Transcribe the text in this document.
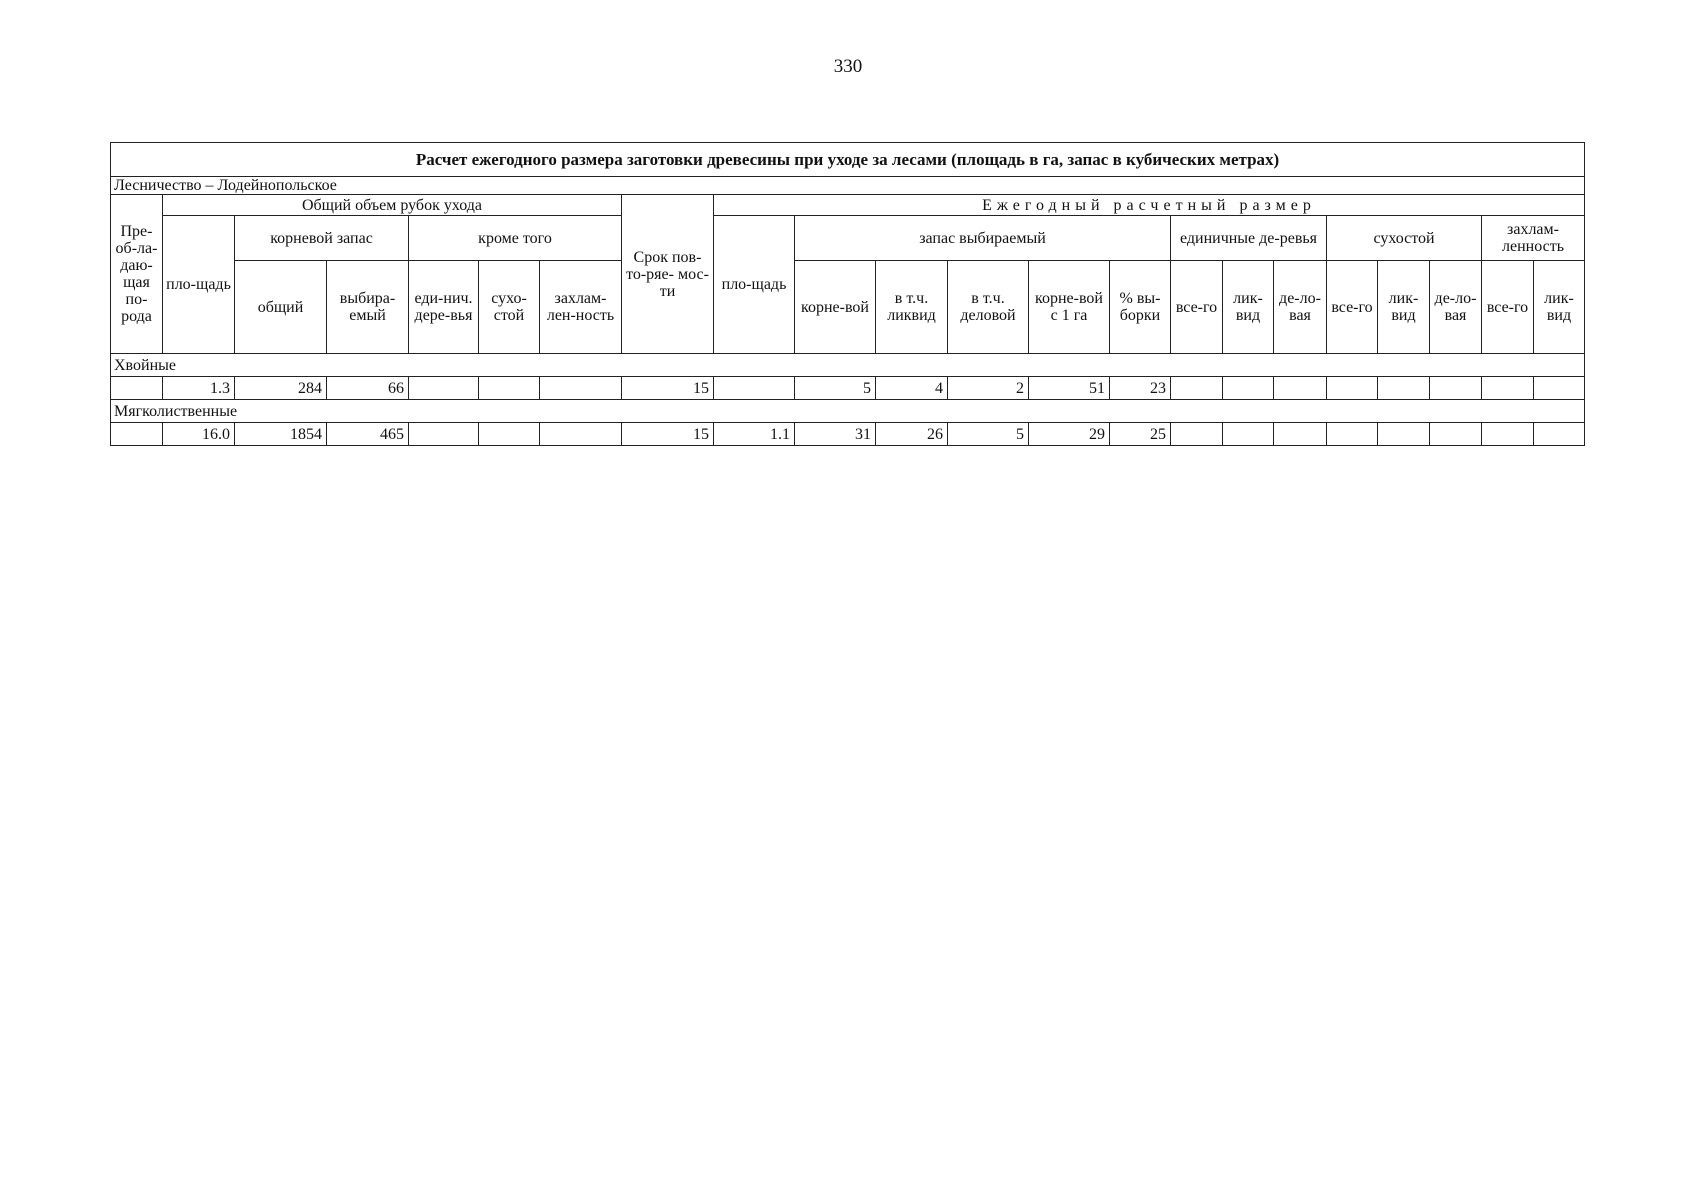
330
Расчет ежегодного размера заготовки древесины при уходе за лесами (площадь в га, запас в кубических метрах)																					
Лесничество – Лодейнопольское																					
Пре-об-ла-даю-щая по-рода	Общий объем рубок ухода						Срок пов- то-ряе- мос-ти	Ежегодный расчетный размер													
	пло-щадь	корневой запас		кроме того				пло-щадь	запас выбираемый					единичные де-ревья			сухостой			захлам-ленность	
		общий	выбира-емый	еди-нич. дере-вья	сухо-стой	захлам-лен-ность			корне-вой	в т.ч. ликвид	в т.ч. деловой	корне-вой с 1 га	% вы-борки	все-го	лик-вид	де-ло-вая	все-го	лик-вид	де-ло-вая	все-го	лик-вид
Хвойные																					
	1.3	284	66				15		5	4	2	51	23								
Мягколиственные																					
	16.0	1854	465				15	1.1	31	26	5	29	25								
